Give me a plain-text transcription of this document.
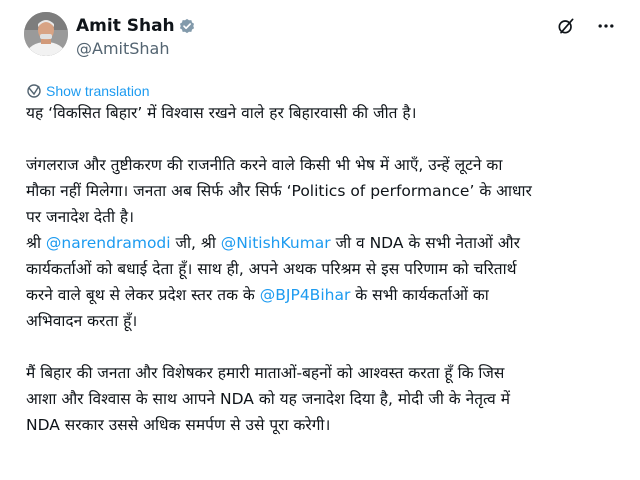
Amit Shah
@AmitShah
Show translation
यह ‘विकसित बिहार’ में विश्वास रखने वाले हर बिहारवासी की जीत है।
जंगलराज और तुष्टीकरण की राजनीति करने वाले किसी भी भेष में आएँ, उन्हें लूटने का
मौका नहीं मिलेगा। जनता अब सिर्फ और सिर्फ ‘Politics of performance’ के आधार
पर जनादेश देती है।
श्री @narendramodi जी, श्री @NitishKumar जी व NDA के सभी नेताओं और
कार्यकर्ताओं को बधाई देता हूँ। साथ ही, अपने अथक परिश्रम से इस परिणाम को चरितार्थ
करने वाले बूथ से लेकर प्रदेश स्तर तक के @BJP4Bihar के सभी कार्यकर्ताओं का
अभिवादन करता हूँ।
मैं बिहार की जनता और विशेषकर हमारी माताओं-बहनों को आश्वस्त करता हूँ कि जिस
आशा और विश्वास के साथ आपने NDA को यह जनादेश दिया है, मोदी जी के नेतृत्व में
NDA सरकार उससे अधिक समर्पण से उसे पूरा करेगी।
